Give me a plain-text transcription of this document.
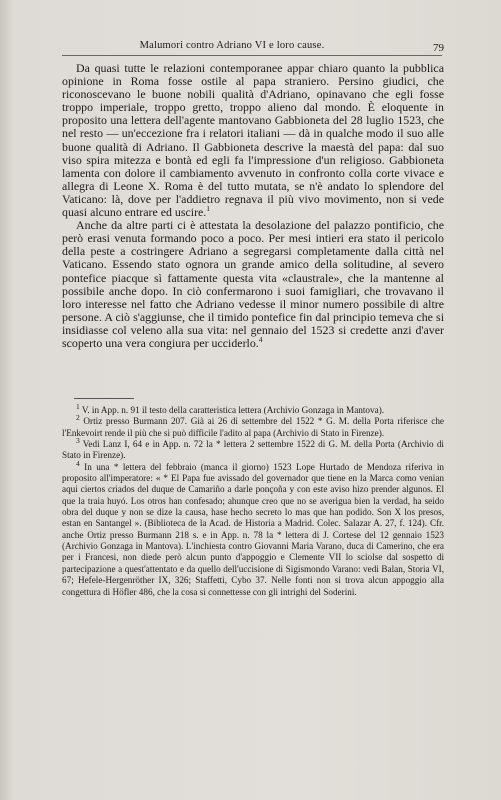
Malumori contro Adriano VI e loro cause.	79

Da quasi tutte le relazioni contemporanee appar chiaro quanto la pubblica opinione in Roma fosse ostile al papa straniero. Persino giudici, che riconoscevano le buone nobili qualità d'Adriano, opinavano che egli fosse troppo imperiale, troppo gretto, troppo alieno dal mondo. È eloquente in proposito una lettera dell'agente mantovano Gabbioneta del 28 luglio 1523, che nel resto — un'eccezione fra i relatori italiani — dà in qualche modo il suo alle buone qualità di Adriano. Il Gabbioneta descrive la maestà del papa: dal suo viso spira mitezza e bontà ed egli fa l'impressione d'un religioso. Gabbioneta lamenta con dolore il cambiamento avvenuto in confronto colla corte vivace e allegra di Leone X. Roma è del tutto mutata, se n'è andato lo splendore del Vaticano: là, dove per l'addietro regnava il più vivo movimento, non si vede quasi alcuno entrare ed uscire.$^1$

Anche da altre parti ci è attestata la desolazione del palazzo pontificio, che però erasi venuta formando poco a poco. Per mesi intieri era stato il pericolo della peste a costringere Adriano a segregarsi completamente dalla città nel Vaticano. Essendo stato ognora un grande amico della solitudine, al severo pontefice piacque sì fattamente questa vita «claustrale», che la mantenne al possibile anche dopo. In ciò confermarono i suoi famigliari, che trovavano il loro interesse nel fatto che Adriano vedesse il minor numero possibile di altre persone. A ciò s'aggiunse, che il timido pontefice fin dal principio temeva che si insidiasse col veleno alla sua vita: nel gennaio del 1523 si credette anzi d'aver scoperto una vera congiura per ucciderlo.$^4$

$^1$ V. in App. n. 91 il testo della caratteristica lettera (Archivio Gonzaga in Mantova).

$^2$ Ortiz presso Burmann 207. Già ai 26 di settembre del 1522 * G. M. della Porta riferisce che l'Enkevoirt rende il più che si può difficile l'adito al papa (Archivio di Stato in Firenze).

$^3$ Vedi Lanz I, 64 e in App. n. 72 la * lettera 2 settembre 1522 di G. M. della Porta (Archivio di Stato in Firenze).

$^4$ In una * lettera del febbraio (manca il giorno) 1523 Lope Hurtado de Mendoza riferiva in proposito all'imperatore: « * El Papa fue avissado del governador que tiene en la Marca como venian aqui ciertos criados del duque de Camariño a darle ponçoña y con este aviso hizo prender algunos. El que la traia huyó. Los otros han confesado; ahunque creo que no se averigua bien la verdad, ha seido obra del duque y non se dize la causa, hase hecho secreto lo mas que han podido. Son X los presos, estan en Santangel ». (Biblioteca de la Acad. de Historia a Madrid. Colec. Salazar A. 27, f. 124). Cfr. anche Ortiz presso Burmann 218 s. e in App. n. 78 la * lettera di J. Cortese del 12 gennaio 1523 (Archivio Gonzaga in Mantova). L'inchiesta contro Giovanni Maria Varano, duca di Camerino, che era per i Francesi, non diede però alcun punto d'appoggio e Clemente VII lo sciolse dal sospetto di partecipazione a quest'attentato e da quello dell'uccisione di Sigismondo Varano: vedi Balan, Storia VI, 67; Hefele-Hergenröther IX, 326; Staffetti, Cybo 37. Nelle fonti non si trova alcun appoggio alla congettura di Höfler 486, che la cosa si connettesse con gli intrighi del Soderini.
